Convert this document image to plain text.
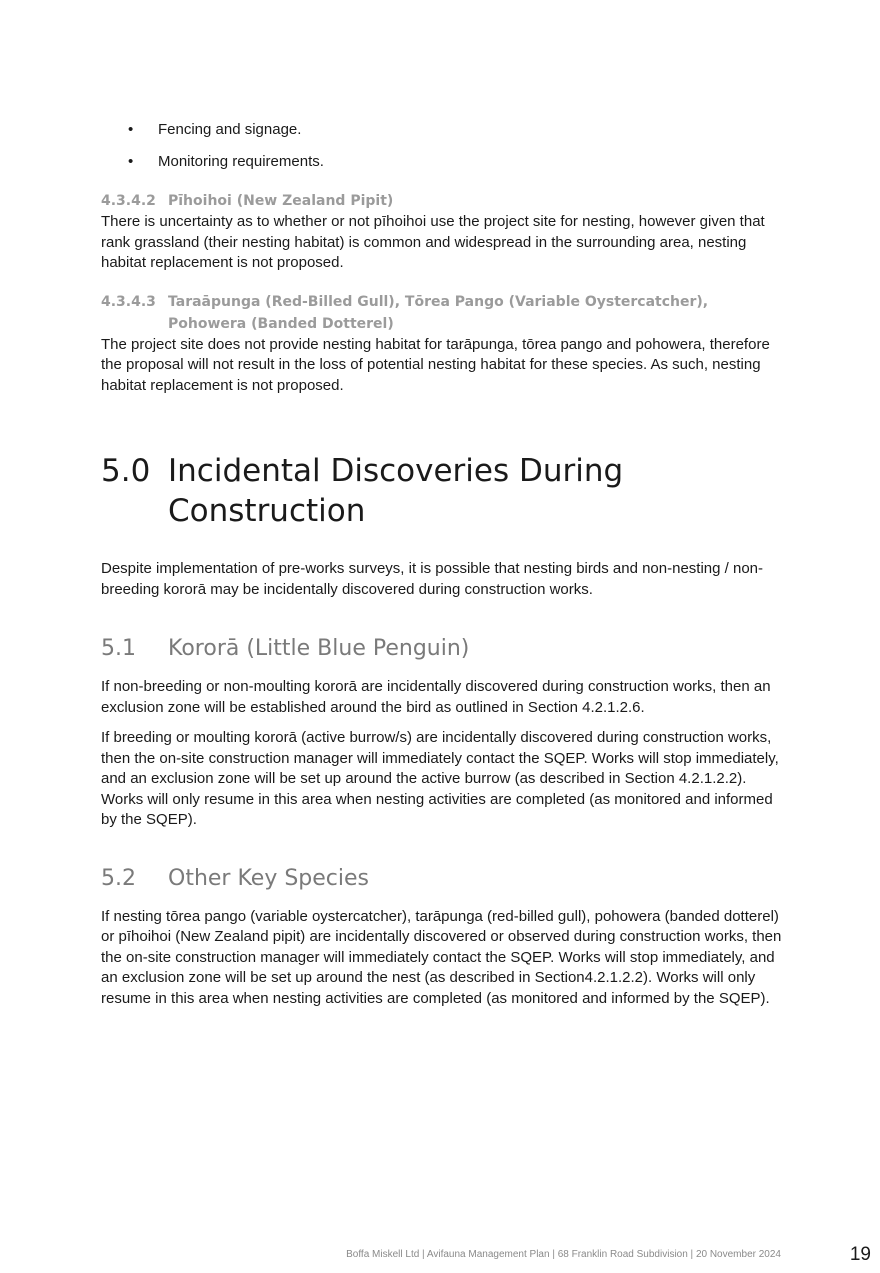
• Fencing and signage.
• Monitoring requirements.
4.3.4.2 Pīhoihoi (New Zealand Pipit)

There is uncertainty as to whether or not pīhoihoi use the project site for nesting, however given that rank grassland (their nesting habitat) is common and widespread in the surrounding area, nesting habitat replacement is not proposed.

4.3.4.3 Taraāpunga (Red-Billed Gull), Tōrea Pango (Variable Oystercatcher),
Pohowera (Banded Dotterel)

The project site does not provide nesting habitat for tarāpunga, tōrea pango and pohowera, therefore the proposal will not result in the loss of potential nesting habitat for these species. As such, nesting habitat replacement is not proposed.

5.0 Incidental Discoveries During Construction

Despite implementation of pre-works surveys, it is possible that nesting birds and non-nesting / non-breeding kororā may be incidentally discovered during construction works.

5.1	Kororā (Little Blue Penguin)

If non-breeding or non-moulting kororā are incidentally discovered during construction works, then an exclusion zone will be established around the bird as outlined in Section 4.2.1.2.6.

If breeding or moulting kororā (active burrow/s) are incidentally discovered during construction works, then the on-site construction manager will immediately contact the SQEP. Works will stop immediately, and an exclusion zone will be set up around the active burrow (as described in Section 4.2.1.2.2). Works will only resume in this area when nesting activities are completed (as monitored and informed by the SQEP).

5.2	Other Key Species

If nesting tōrea pango (variable oystercatcher), tarāpunga (red-billed gull), pohowera (banded dotterel) or pīhoihoi (New Zealand pipit) are incidentally discovered or observed during construction works, then the on-site construction manager will immediately contact the SQEP. Works will stop immediately, and an exclusion zone will be set up around the nest (as described in Section4.2.1.2.2). Works will only resume in this area when nesting activities are completed (as monitored and informed by the SQEP).

Boffa Miskell Ltd | Avifauna Management Plan | 68 Franklin Road Subdivision | 20 November 2024	19
